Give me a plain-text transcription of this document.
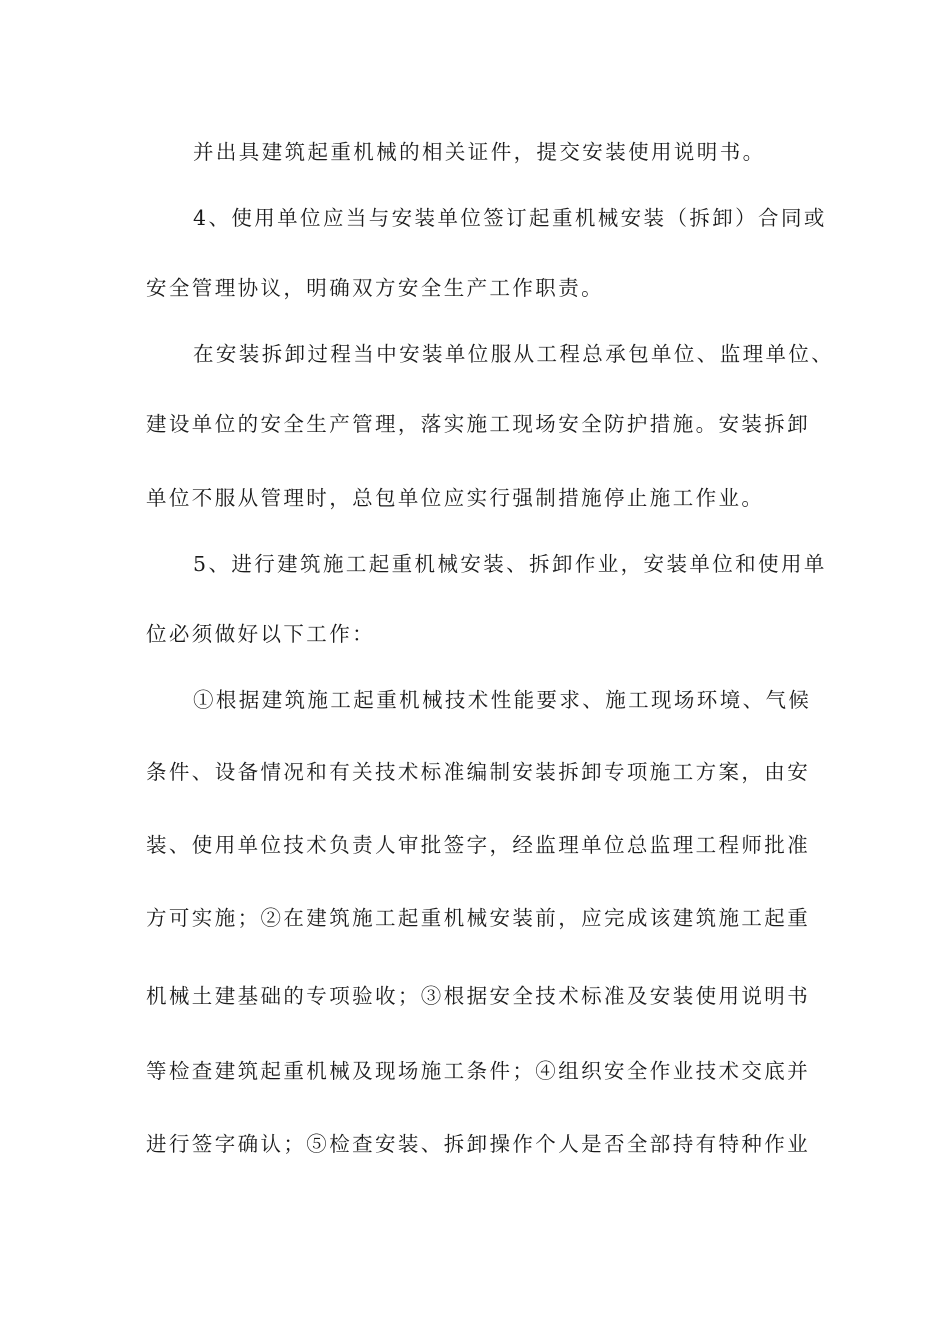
并出具建筑起重机械的相关证件，提交安装使用说明书。
4、使用单位应当与安装单位签订起重机械安装（拆卸）合同或
安全管理协议，明确双方安全生产工作职责。
在安装拆卸过程当中安装单位服从工程总承包单位、监理单位、
建设单位的安全生产管理，落实施工现场安全防护措施。安装拆卸
单位不服从管理时，总包单位应实行强制措施停止施工作业。
5、进行建筑施工起重机械安装、拆卸作业，安装单位和使用单
位必须做好以下工作：
①根据建筑施工起重机械技术性能要求、施工现场环境、气候
条件、设备情况和有关技术标准编制安装拆卸专项施工方案，由安
装、使用单位技术负责人审批签字，经监理单位总监理工程师批准
方可实施；②在建筑施工起重机械安装前，应完成该建筑施工起重
机械土建基础的专项验收；③根据安全技术标准及安装使用说明书
等检查建筑起重机械及现场施工条件；④组织安全作业技术交底并
进行签字确认；⑤检查安装、拆卸操作个人是否全部持有特种作业
